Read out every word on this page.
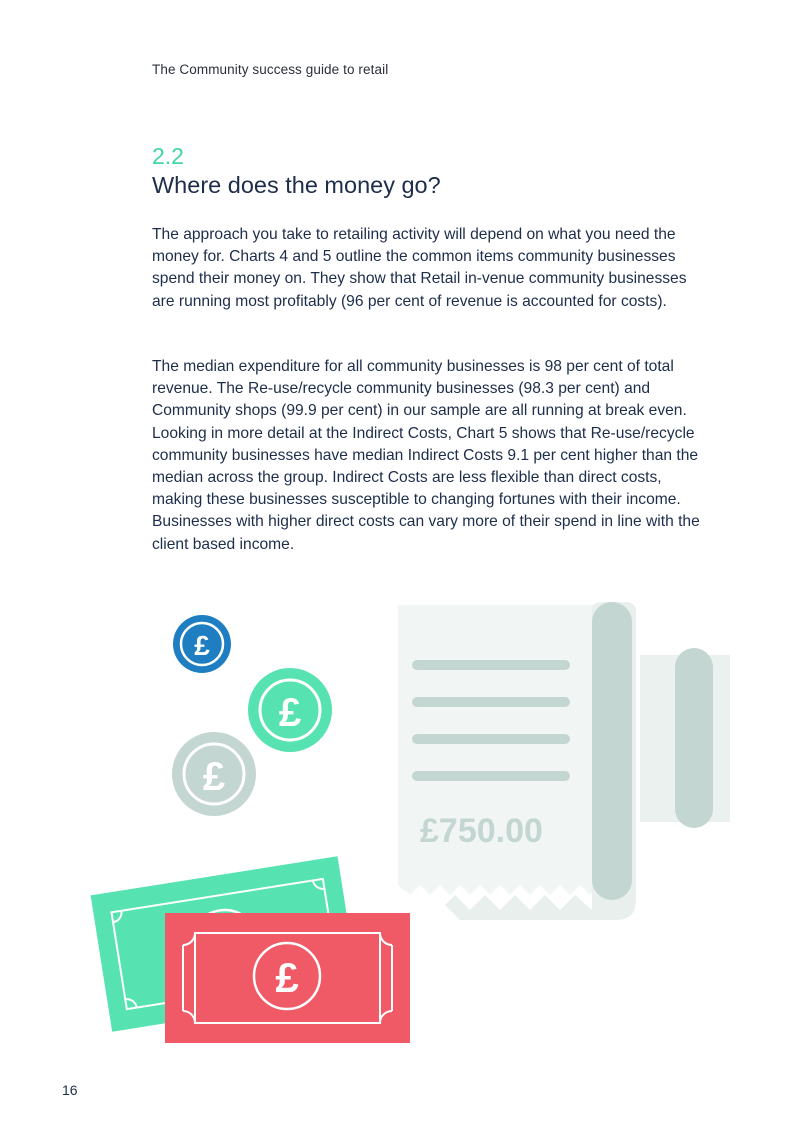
The Community success guide to retail
2.2
Where does the money go?

The approach you take to retailing activity will depend on what you need the money for. Charts 4 and 5 outline the common items community businesses spend their money on. They show that Retail in-venue community businesses are running most profitably (96 per cent of revenue is accounted for costs).

The median expenditure for all community businesses is 98 per cent of total revenue. The Re-use/recycle community businesses (98.3 per cent) and Community shops (99.9 per cent) in our sample are all running at break even. Looking in more detail at the Indirect Costs, Chart 5 shows that Re-use/recycle community businesses have median Indirect Costs 9.1 per cent higher than the median across the group. Indirect Costs are less flexible than direct costs, making these businesses susceptible to changing fortunes with their income. Businesses with higher direct costs can vary more of their spend in line with the client based income.

£750.00
£
£
£
£
16
